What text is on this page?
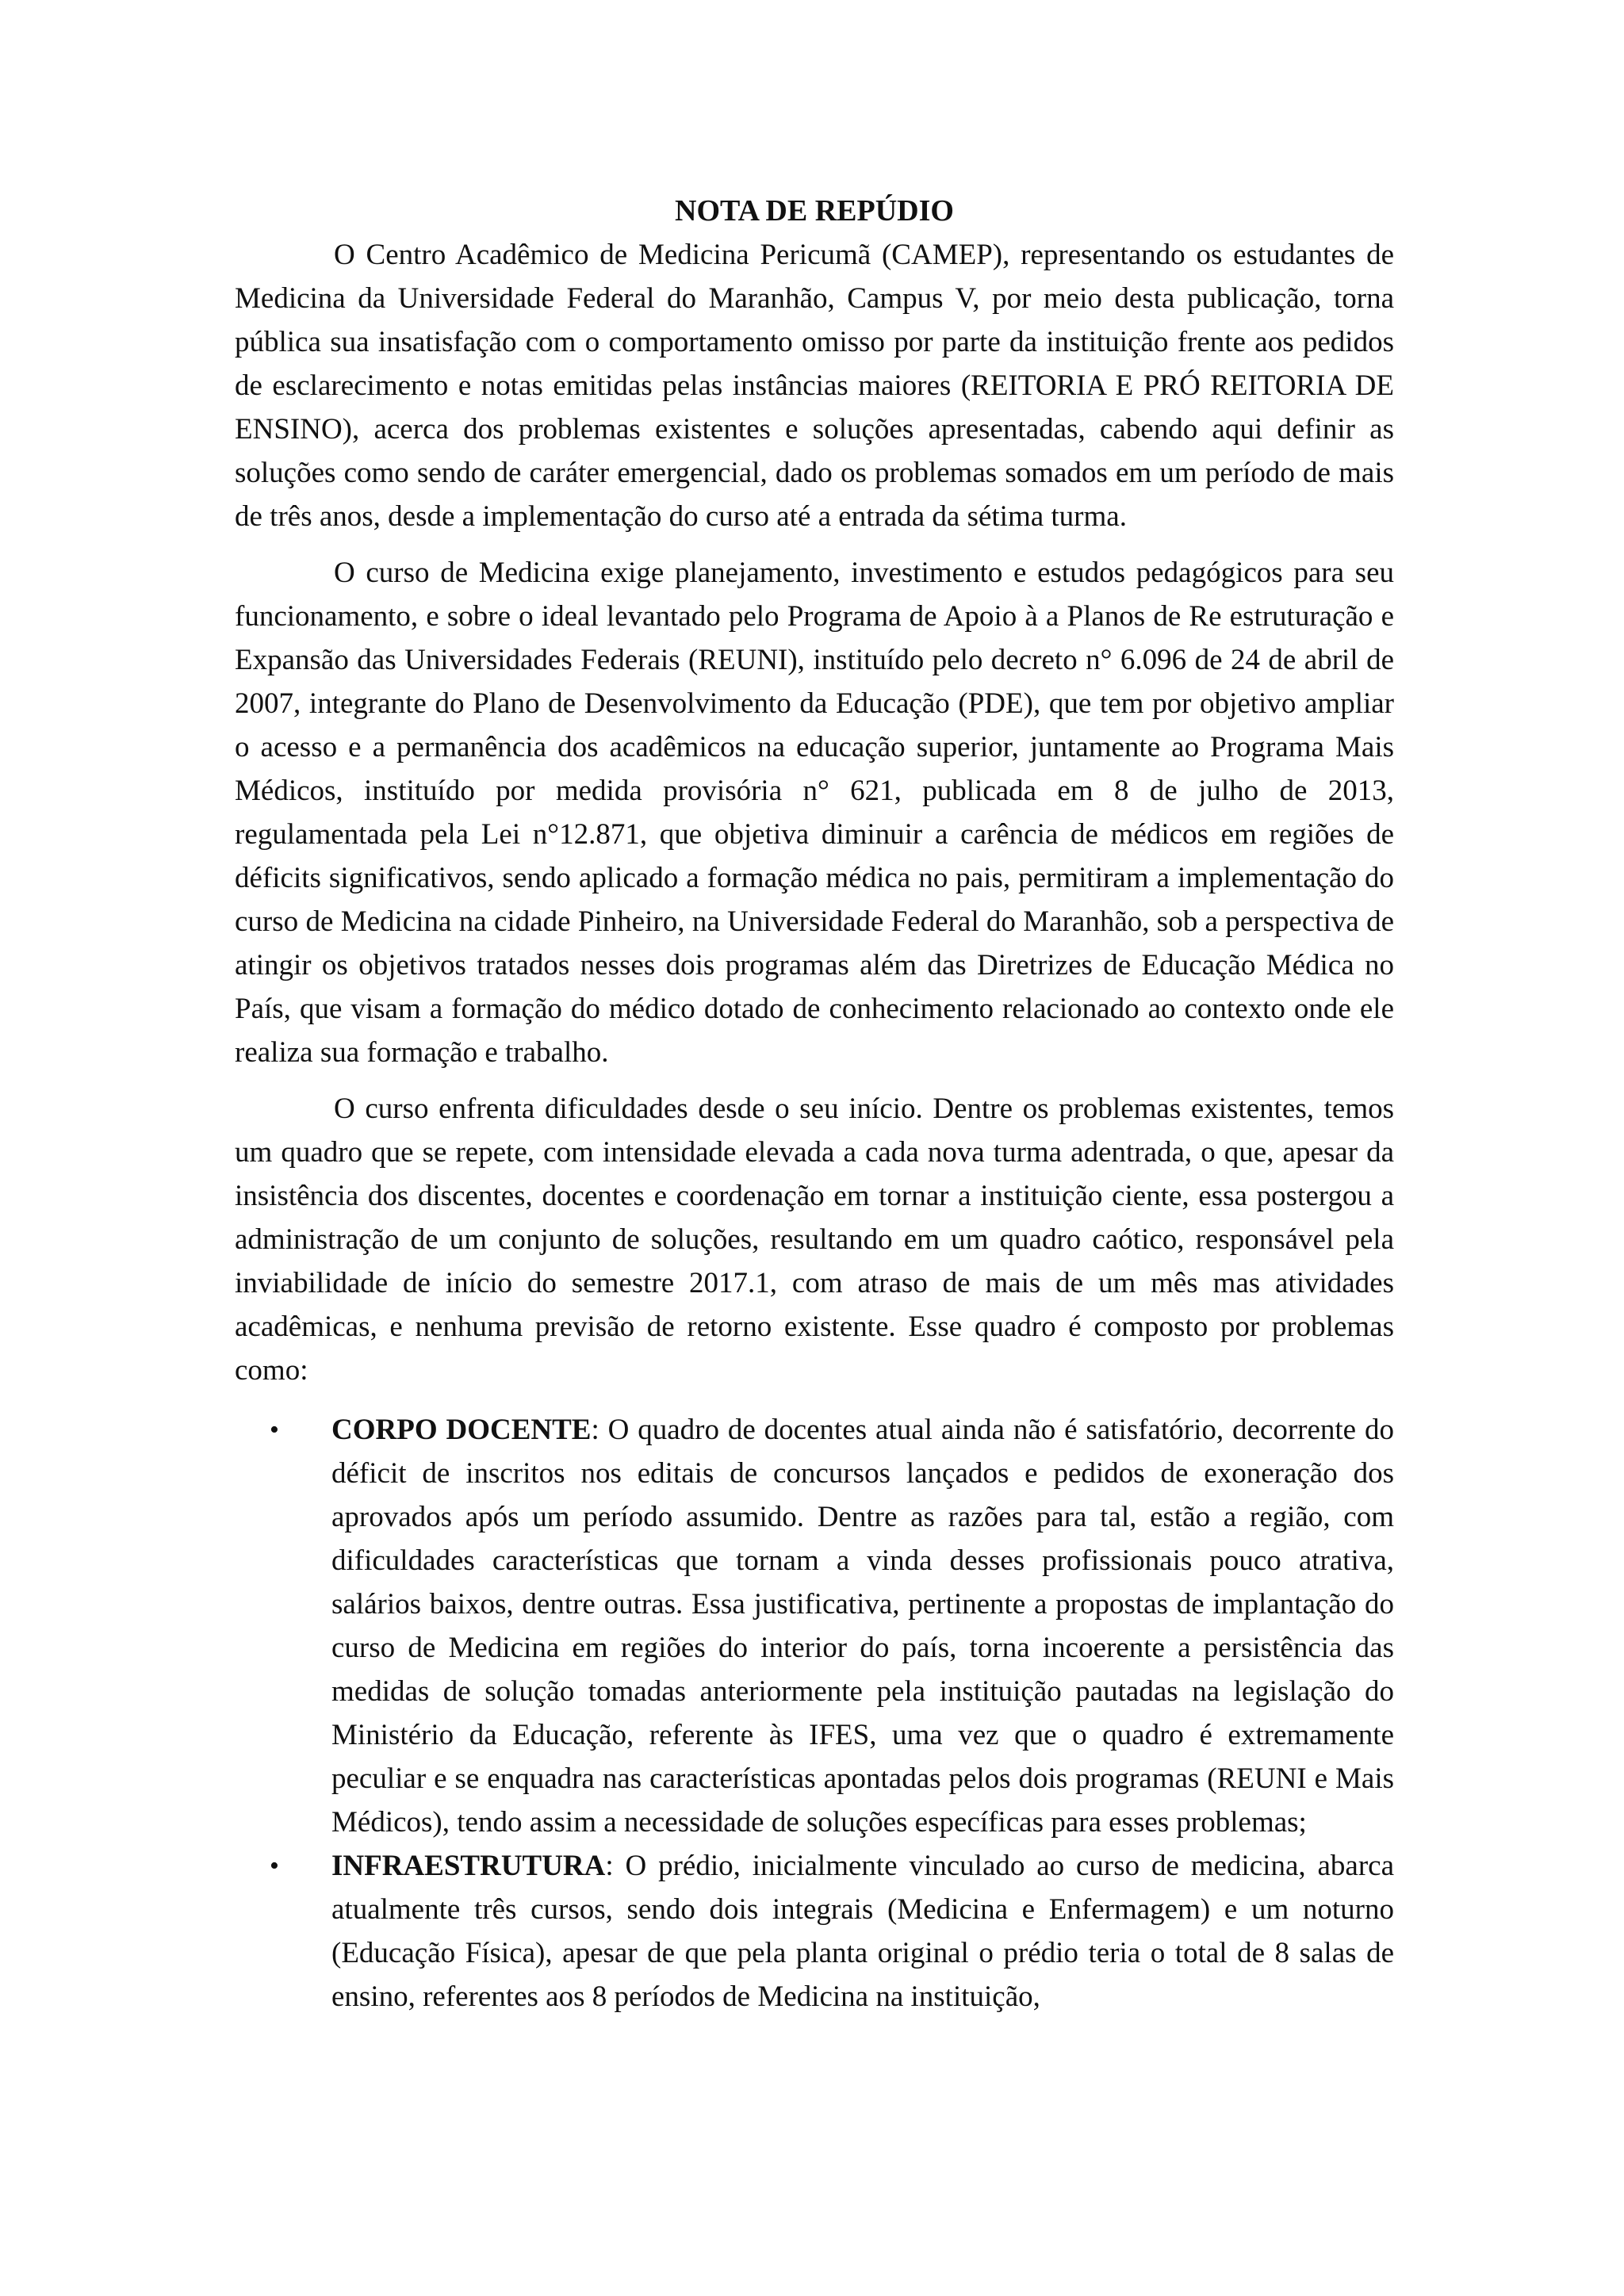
NOTA DE REPÚDIO

O Centro Acadêmico de Medicina Pericumã (CAMEP), representando os estudantes de Medicina da Universidade Federal do Maranhão, Campus V, por meio desta publicação, torna pública sua insatisfação com o comportamento omisso por parte da instituição frente aos pedidos de esclarecimento e notas emitidas pelas instâncias maiores (REITORIA E PRÓ REITORIA DE ENSINO), acerca dos problemas existentes e soluções apresentadas, cabendo aqui definir as soluções como sendo de caráter emergencial, dado os problemas somados em um período de mais de três anos, desde a implementação do curso até a entrada da sétima turma.

O curso de Medicina exige planejamento, investimento e estudos pedagógicos para seu funcionamento, e sobre o ideal levantado pelo Programa de Apoio à a Planos de Re estruturação e Expansão das Universidades Federais (REUNI), instituído pelo decreto n° 6.096 de 24 de abril de 2007, integrante do Plano de Desenvolvimento da Educação (PDE), que tem por objetivo ampliar o acesso e a permanência dos acadêmicos na educação superior, juntamente ao Programa Mais Médicos, instituído por medida provisória n° 621, publicada em 8 de julho de 2013, regulamentada pela Lei n°12.871, que objetiva diminuir a carência de médicos em regiões de déficits significativos, sendo aplicado a formação médica no pais, permitiram a implementação do curso de Medicina na cidade Pinheiro, na Universidade Federal do Maranhão, sob a perspectiva de atingir os objetivos tratados nesses dois programas além das Diretrizes de Educação Médica no País, que visam a formação do médico dotado de conhecimento relacionado ao contexto onde ele realiza sua formação e trabalho.

O curso enfrenta dificuldades desde o seu início. Dentre os problemas existentes, temos um quadro que se repete, com intensidade elevada a cada nova turma adentrada, o que, apesar da insistência dos discentes, docentes e coordenação em tornar a instituição ciente, essa postergou a administração de um conjunto de soluções, resultando em um quadro caótico, responsável pela inviabilidade de início do semestre 2017.1, com atraso de mais de um mês mas atividades acadêmicas, e nenhuma previsão de retorno existente. Esse quadro é composto por problemas como:

• CORPO DOCENTE: O quadro de docentes atual ainda não é satisfatório, decorrente do déficit de inscritos nos editais de concursos lançados e pedidos de exoneração dos aprovados após um período assumido. Dentre as razões para tal, estão a região, com dificuldades características que tornam a vinda desses profissionais pouco atrativa, salários baixos, dentre outras. Essa justificativa, pertinente a propostas de implantação do curso de Medicina em regiões do interior do país, torna incoerente a persistência das medidas de solução tomadas anteriormente pela instituição pautadas na legislação do Ministério da Educação, referente às IFES, uma vez que o quadro é extremamente peculiar e se enquadra nas características apontadas pelos dois programas (REUNI e Mais Médicos), tendo assim a necessidade de soluções específicas para esses problemas;
• INFRAESTRUTURA: O prédio, inicialmente vinculado ao curso de medicina, abarca atualmente três cursos, sendo dois integrais (Medicina e Enfermagem) e um noturno (Educação Física), apesar de que pela planta original o prédio teria o total de 8 salas de ensino, referentes aos 8 períodos de Medicina na instituição,
